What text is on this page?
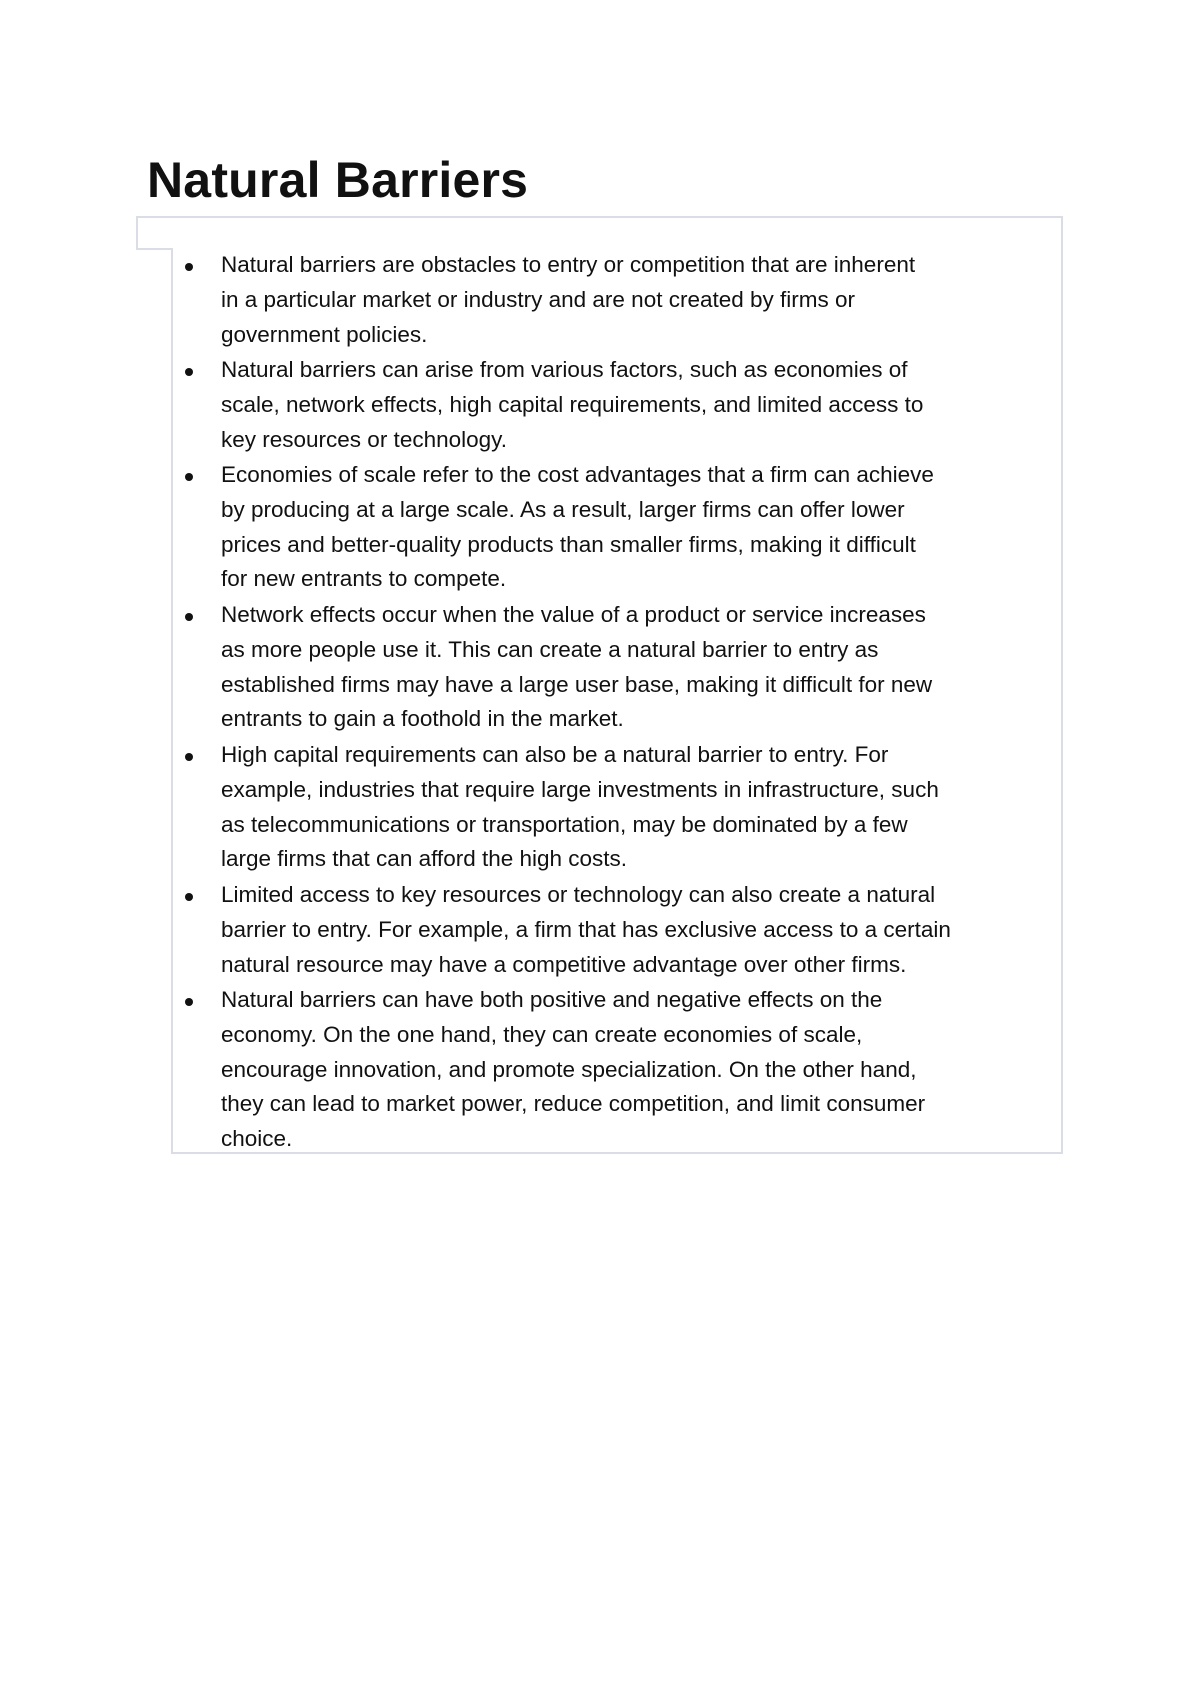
Natural Barriers
Natural barriers are obstacles to entry or competition that are inherent
in a particular market or industry and are not created by firms or
government policies.
Natural barriers can arise from various factors, such as economies of
scale, network effects, high capital requirements, and limited access to
key resources or technology.
Economies of scale refer to the cost advantages that a firm can achieve
by producing at a large scale. As a result, larger firms can offer lower
prices and better-quality products than smaller firms, making it difficult
for new entrants to compete.
Network effects occur when the value of a product or service increases
as more people use it. This can create a natural barrier to entry as
established firms may have a large user base, making it difficult for new
entrants to gain a foothold in the market.
High capital requirements can also be a natural barrier to entry. For
example, industries that require large investments in infrastructure, such
as telecommunications or transportation, may be dominated by a few
large firms that can afford the high costs.
Limited access to key resources or technology can also create a natural
barrier to entry. For example, a firm that has exclusive access to a certain
natural resource may have a competitive advantage over other firms.
Natural barriers can have both positive and negative effects on the
economy. On the one hand, they can create economies of scale,
encourage innovation, and promote specialization. On the other hand,
they can lead to market power, reduce competition, and limit consumer
choice.
